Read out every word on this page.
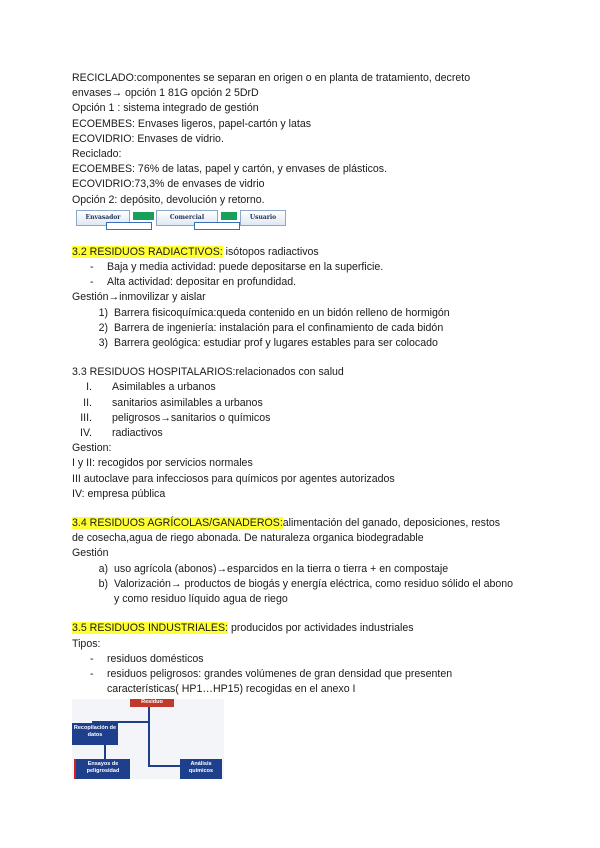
RECICLADO:componentes se separan en origen o en planta de tratamiento, decreto
envases→ opción 1 81G opción 2 5DrD
Opción 1 : sistema integrado de gestión
ECOEMBES: Envases ligeros, papel-cartón y latas
ECOVIDRIO: Envases de vidrio.
Reciclado:
ECOEMBES: 76% de latas, papel y cartón, y envases de plásticos.
ECOVIDRIO:73,3% de envases de vidrio
Opción 2: depósito, devolución y retorno.
Envasador	Comercial	Usuario
3.2 RESIDUOS RADIACTIVOS: isótopos radiactivos
-	Baja y media actividad: puede depositarse en la superficie.
-	Alta actividad: depositar en profundidad.
Gestión→inmovilizar y aislar
1) Barrera fisicoquímica:queda contenido en un bidón relleno de hormigón
2) Barrera de ingeniería: instalación para el confinamiento de cada bidón
3) Barrera geológica: estudiar prof y lugares estables para ser colocado
3.3 RESIDUOS HOSPITALARIOS:relacionados con salud
I. Asimilables a urbanos
II. sanitarios asimilables a urbanos
III. peligrosos→sanitarios o químicos
IV. radiactivos
Gestion:
I y II: recogidos por servicios normales
III autoclave para infecciosos para químicos por agentes autorizados
IV: empresa pública
3.4 RESIDUOS AGRÍCOLAS/GANADEROS:alimentación del ganado, deposiciones, restos
de cosecha,agua de riego abonada. De naturaleza organica biodegradable
Gestión
a) uso agrícola (abonos)→esparcidos en la tierra o tierra + en compostaje
b) Valorización→ productos de biogás y energía eléctrica, como residuo sólido el abono
y como residuo líquido agua de riego
3.5 RESIDUOS INDUSTRIALES: producidos por actividades industriales
Tipos:
-	residuos domésticos
-	residuos peligrosos: grandes volúmenes de gran densidad que presenten
características( HP1…HP15) recogidas en el anexo I
Residuo
Recopilación de datos
Ensayos de peligrosidad
Análisis químicos
